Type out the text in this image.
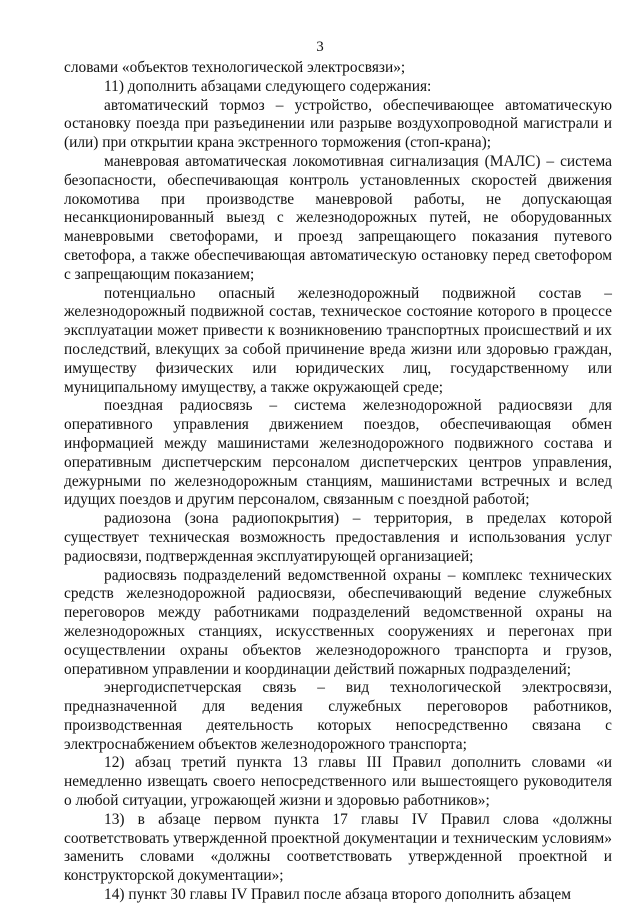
3

словами «объектов технологической электросвязи»;

11) дополнить абзацами следующего содержания:

автоматический тормоз – устройство, обеспечивающее автоматическую остановку поезда при разъединении или разрыве воздухопроводной магистрали и (или) при открытии крана экстренного торможения (стоп-крана);

маневровая автоматическая локомотивная сигнализация (МАЛС) – система безопасности, обеспечивающая контроль установленных скоростей движения локомотива при производстве маневровой работы, не допускающая несанкционированный выезд с железнодорожных путей, не оборудованных маневровыми светофорами, и проезд запрещающего показания путевого светофора, а также обеспечивающая автоматическую остановку перед светофором с запрещающим показанием;

потенциально опасный железнодорожный подвижной состав – железнодорожный подвижной состав, техническое состояние которого в процессе эксплуатации может привести к возникновению транспортных происшествий и их последствий, влекущих за собой причинение вреда жизни или здоровью граждан, имуществу физических или юридических лиц, государственному или муниципальному имуществу, а также окружающей среде;

поездная радиосвязь – система железнодорожной радиосвязи для оперативного управления движением поездов, обеспечивающая обмен информацией между машинистами железнодорожного подвижного состава и оперативным диспетчерским персоналом диспетчерских центров управления, дежурными по железнодорожным станциям, машинистами встречных и вслед идущих поездов и другим персоналом, связанным с поездной работой;

радиозона (зона радиопокрытия) – территория, в пределах которой существует техническая возможность предоставления и использования услуг радиосвязи, подтвержденная эксплуатирующей организацией;

радиосвязь подразделений ведомственной охраны – комплекс технических средств железнодорожной радиосвязи, обеспечивающий ведение служебных переговоров между работниками подразделений ведомственной охраны на железнодорожных станциях, искусственных сооружениях и перегонах при осуществлении охраны объектов железнодорожного транспорта и грузов, оперативном управлении и координации действий пожарных подразделений;

энергодиспетчерская связь – вид технологической электросвязи, предназначенной для ведения служебных переговоров работников, производственная деятельность которых непосредственно связана с электроснабжением объектов железнодорожного транспорта;

12) абзац третий пункта 13 главы III Правил дополнить словами «и немедленно извещать своего непосредственного или вышестоящего руководителя о любой ситуации, угрожающей жизни и здоровью работников»;

13) в абзаце первом пункта 17 главы IV Правил слова «должны соответствовать утвержденной проектной документации и техническим условиям» заменить словами «должны соответствовать утвержденной проектной и конструкторской документации»;

14) пункт 30 главы IV Правил после абзаца второго дополнить абзацем
